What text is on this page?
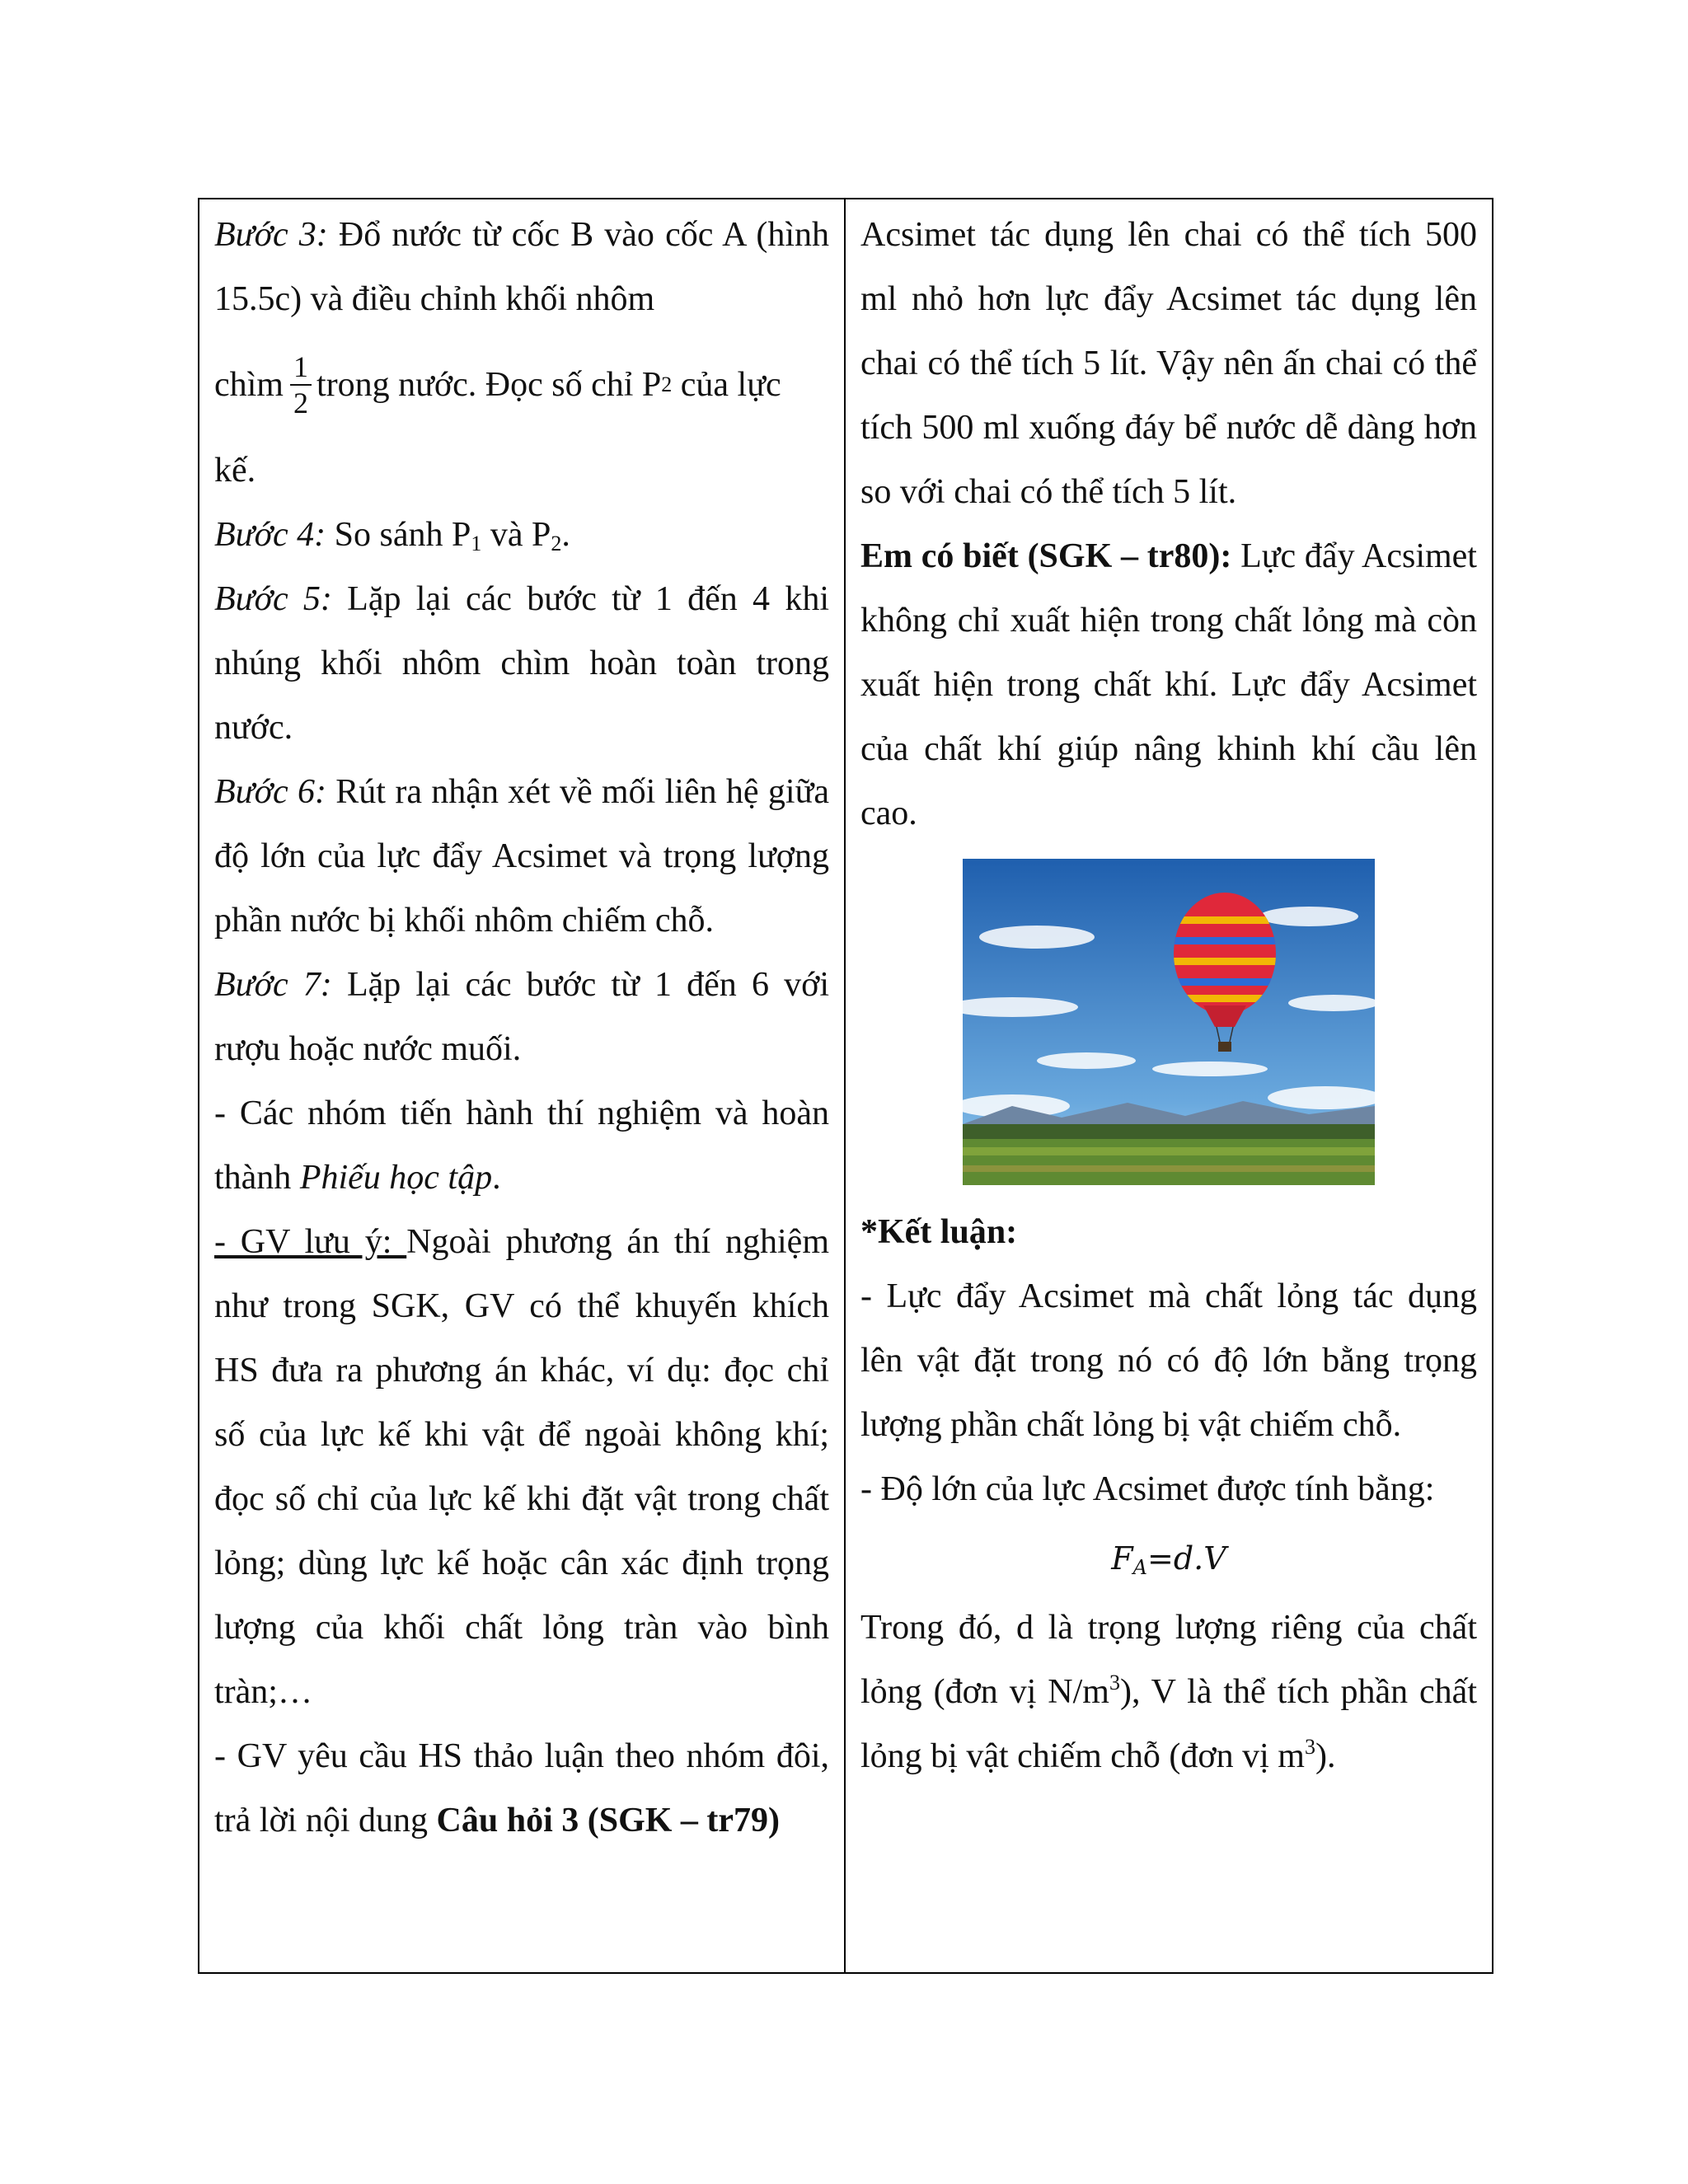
Bước 3: Đổ nước từ cốc B vào cốc A (hình 15.5c) và điều chỉnh khối nhôm

chìm $\frac{1}{2}$ trong nước. Đọc số chỉ P 2 của lực

kế.

Bước 4: So sánh $P_1$ và $P_2$.

Bước 5: Lặp lại các bước từ 1 đến 4 khi nhúng khối nhôm chìm hoàn toàn trong nước.

Bước 6: Rút ra nhận xét về mối liên hệ giữa độ lớn của lực đẩy Acsimet và trọng lượng phần nước bị khối nhôm chiếm chỗ.

Bước 7: Lặp lại các bước từ 1 đến 6 với rượu hoặc nước muối.

- Các nhóm tiến hành thí nghiệm và hoàn thành Phiếu học tập.

- GV lưu ý: Ngoài phương án thí nghiệm như trong SGK, GV có thể khuyến khích HS đưa ra phương án khác, ví dụ: đọc chỉ số của lực kế khi vật để ngoài không khí; đọc số chỉ của lực kế khi đặt vật trong chất lỏng; dùng lực kế hoặc cân xác định trọng lượng của khối chất lỏng tràn vào bình tràn;…

- GV yêu cầu HS thảo luận theo nhóm đôi, trả lời nội dung Câu hỏi 3 (SGK – tr79)

Acsimet tác dụng lên chai có thể tích 500 ml nhỏ hơn lực đẩy Acsimet tác dụng lên chai có thể tích 5 lít. Vậy nên ấn chai có thể tích 500 ml xuống đáy bể nước dễ dàng hơn so với chai có thể tích 5 lít.

Em có biết (SGK – tr80): Lực đẩy Acsimet không chỉ xuất hiện trong chất lỏng mà còn xuất hiện trong chất khí. Lực đẩy Acsimet của chất khí giúp nâng khinh khí cầu lên cao.

*Kết luận:

- Lực đẩy Acsimet mà chất lỏng tác dụng lên vật đặt trong nó có độ lớn bằng trọng lượng phần chất lỏng bị vật chiếm chỗ.

- Độ lớn của lực Acsimet được tính bằng:

$F_A=d.V$

Trong đó, d là trọng lượng riêng của chất lỏng (đơn vị $N/m^3$), V là thể tích phần chất lỏng bị vật chiếm chỗ (đơn vị $m^3$).
